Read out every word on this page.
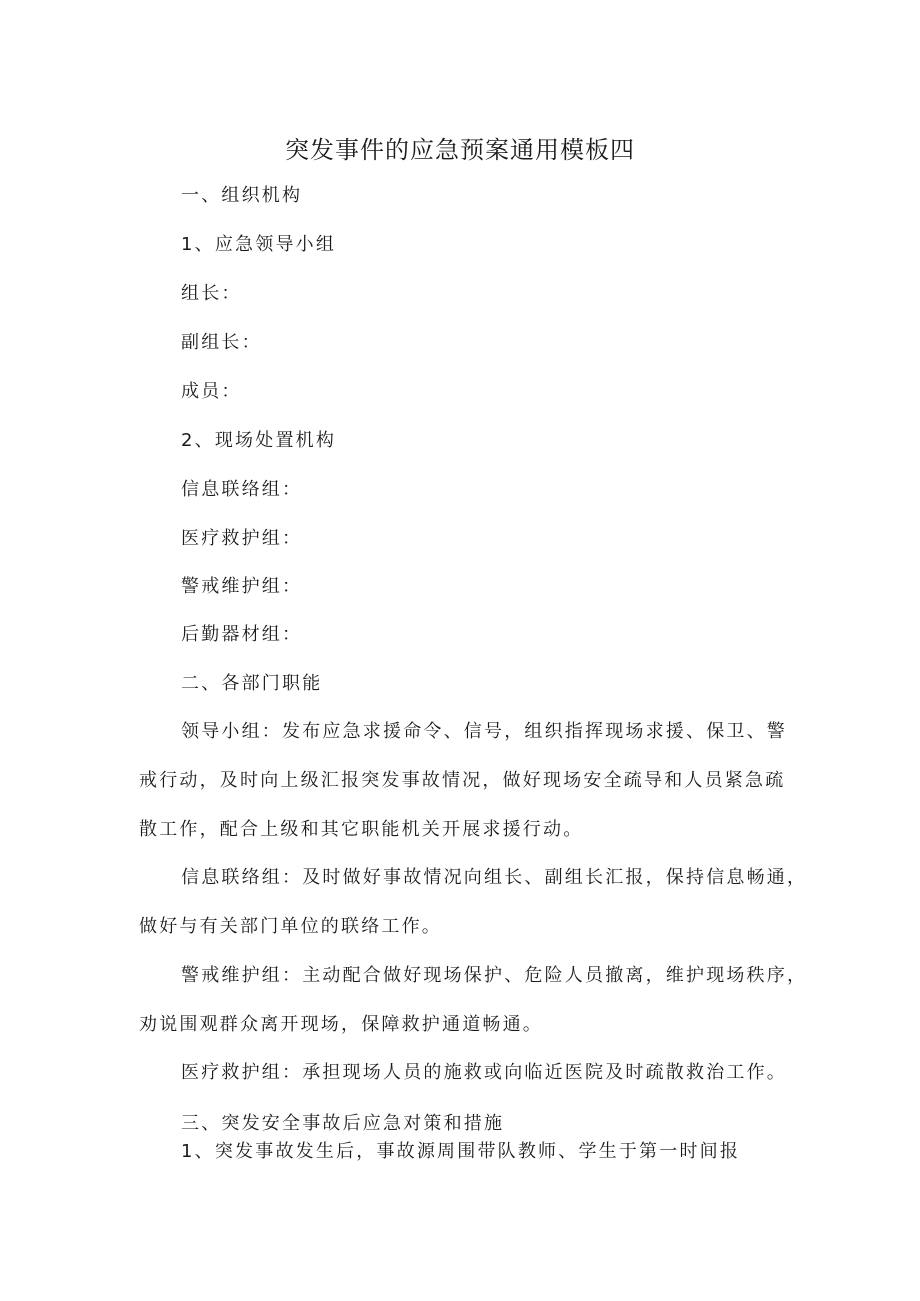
突发事件的应急预案通用模板四
一、组织机构
1、应急领导小组
组长：
副组长：
成员：
2、现场处置机构
信息联络组：
医疗救护组：
警戒维护组：
后勤器材组：
二、各部门职能
领导小组：发布应急求援命令、信号，组织指挥现场求援、保卫、警
戒行动，及时向上级汇报突发事故情况，做好现场安全疏导和人员紧急疏
散工作，配合上级和其它职能机关开展求援行动。
信息联络组：及时做好事故情况向组长、副组长汇报，保持信息畅通，
做好与有关部门单位的联络工作。
警戒维护组：主动配合做好现场保护、危险人员撤离，维护现场秩序，
劝说围观群众离开现场，保障救护通道畅通。
医疗救护组：承担现场人员的施救或向临近医院及时疏散救治工作。
三、突发安全事故后应急对策和措施
1、突发事故发生后，事故源周围带队教师、学生于第一时间报
